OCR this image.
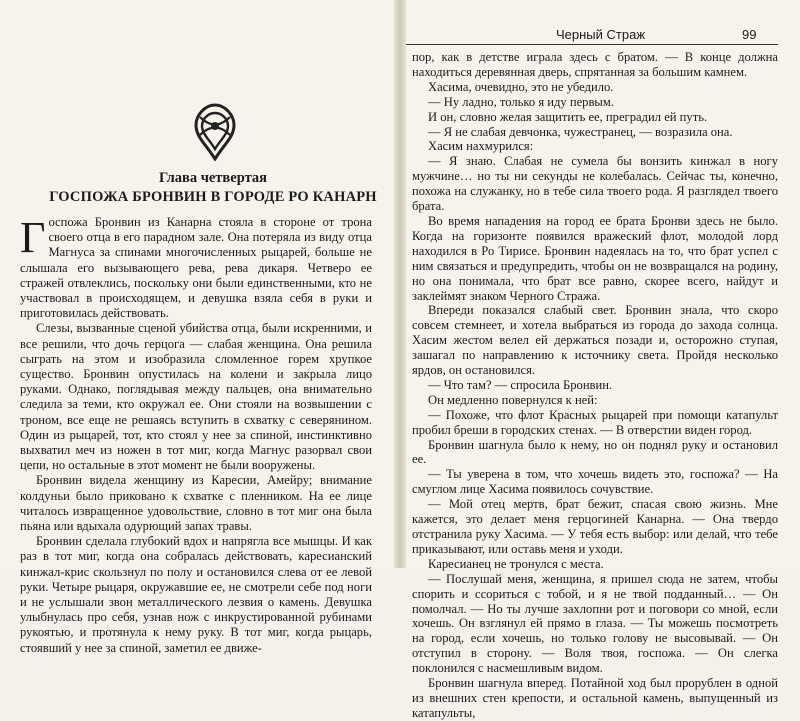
Глава четвертая
ГОСПОЖА БРОНВИН В ГОРОДЕ РО КАНАРН

Госпожа Бронвин из Канарна стояла в стороне от трона своего отца в его парадном зале. Она потеряла из виду отца Магнуса за спинами многочисленных рыцарей, больше не слышала его вызывающего рева, рева дикаря. Четверо ее стражей отвлеклись, поскольку они были единственными, кто не участвовал в происходящем, и девушка взяла себя в руки и приготовилась действовать.

Слезы, вызванные сценой убийства отца, были искренними, и все решили, что дочь герцога — слабая женщина. Она решила сыграть на этом и изобразила сломленное горем хрупкое существо. Бронвин опустилась на колени и закрыла лицо руками. Однако, поглядывая между пальцев, она внимательно следила за теми, кто окружал ее. Они стояли на возвышении с троном, все еще не решаясь вступить в схватку с северянином. Один из рыцарей, тот, кто стоял у нее за спиной, инстинктивно выхватил меч из ножен в тот миг, когда Магнус разорвал свои цепи, но остальные в этот момент не были вооружены.

Бронвин видела женщину из Каресии, Амейру; внимание колдуньи было приковано к схватке с пленником. На ее лице читалось извращенное удовольствие, словно в тот миг она была пьяна или вдыхала одурющий запах травы.

Бронвин сделала глубокий вдох и напрягла все мышцы. И как раз в тот миг, когда она собралась действовать, каресианский кинжал-крис скользнул по полу и остановился слева от ее левой руки. Четыре рыцаря, окружавшие ее, не смотрели себе под ноги и не услышали звон металлического лезвия о камень. Девушка улыбнулась про себя, узнав нож с инкрустированной рубинами рукоятью, и протянула к нему руку. В тот миг, когда рыцарь, стоявший у нее за спиной, заметил ее движе-

Черный Страж	99

пор, как в детстве играла здесь с братом. — В конце должна находиться деревянная дверь, спрятанная за большим камнем.

Хасима, очевидно, это не убедило.

— Ну ладно, только я иду первым.

И он, словно желая защитить ее, преградил ей путь.

— Я не слабая девчонка, чужестранец, — возразила она.

Хасим нахмурился:

— Я знаю. Слабая не сумела бы вонзить кинжал в ногу мужчине… но ты ни секунды не колебалась. Сейчас ты, конечно, похожа на служанку, но в тебе сила твоего рода. Я разглядел твоего брата.

Во время нападения на город ее брата Бронви здесь не было. Когда на горизонте появился вражеский флот, молодой лорд находился в Ро Тирисе. Бронвин надеялась на то, что брат успел с ним связаться и предупредить, чтобы он не возвращался на родину, но она понимала, что брат все равно, скорее всего, найдут и заклеймят знаком Черного Стража.

Впереди показался слабый свет. Бронвин знала, что скоро совсем стемнеет, и хотела выбраться из города до захода солнца. Хасим жестом велел ей держаться позади и, осторожно ступая, зашагал по направлению к источнику света. Пройдя несколько ярдов, он остановился.

— Что там? — спросила Бронвин.

Он медленно повернулся к ней:

— Похоже, что флот Красных рыцарей при помощи катапульт пробил бреши в городских стенах. — В отверстии виден город.

Бронвин шагнула было к нему, но он поднял руку и остановил ее.

— Ты уверена в том, что хочешь видеть это, госпожа? — На смуглом лице Хасима появилось сочувствие.

— Мой отец мертв, брат бежит, спасая свою жизнь. Мне кажется, это делает меня герцогиней Канарна. — Она твердо отстранила руку Хасима. — У тебя есть выбор: или делай, что тебе приказывают, или оставь меня и уходи.

Каресианец не тронулся с места.

— Послушай меня, женщина, я пришел сюда не затем, чтобы спорить и ссориться с тобой, и я не твой подданный… — Он помолчал. — Но ты лучше захлопни рот и поговори со мной, если хочешь. Он взглянул ей прямо в глаза. — Ты можешь посмотреть на город, если хочешь, но только голову не высовывай. — Он отступил в сторону. — Воля твоя, госпожа. — Он слегка поклонился с насмешливым видом.

Бронвин шагнула вперед. Потайной ход был прорублен в одной из внешних стен крепости, и остальной камень, выпущенный из катапульты,
